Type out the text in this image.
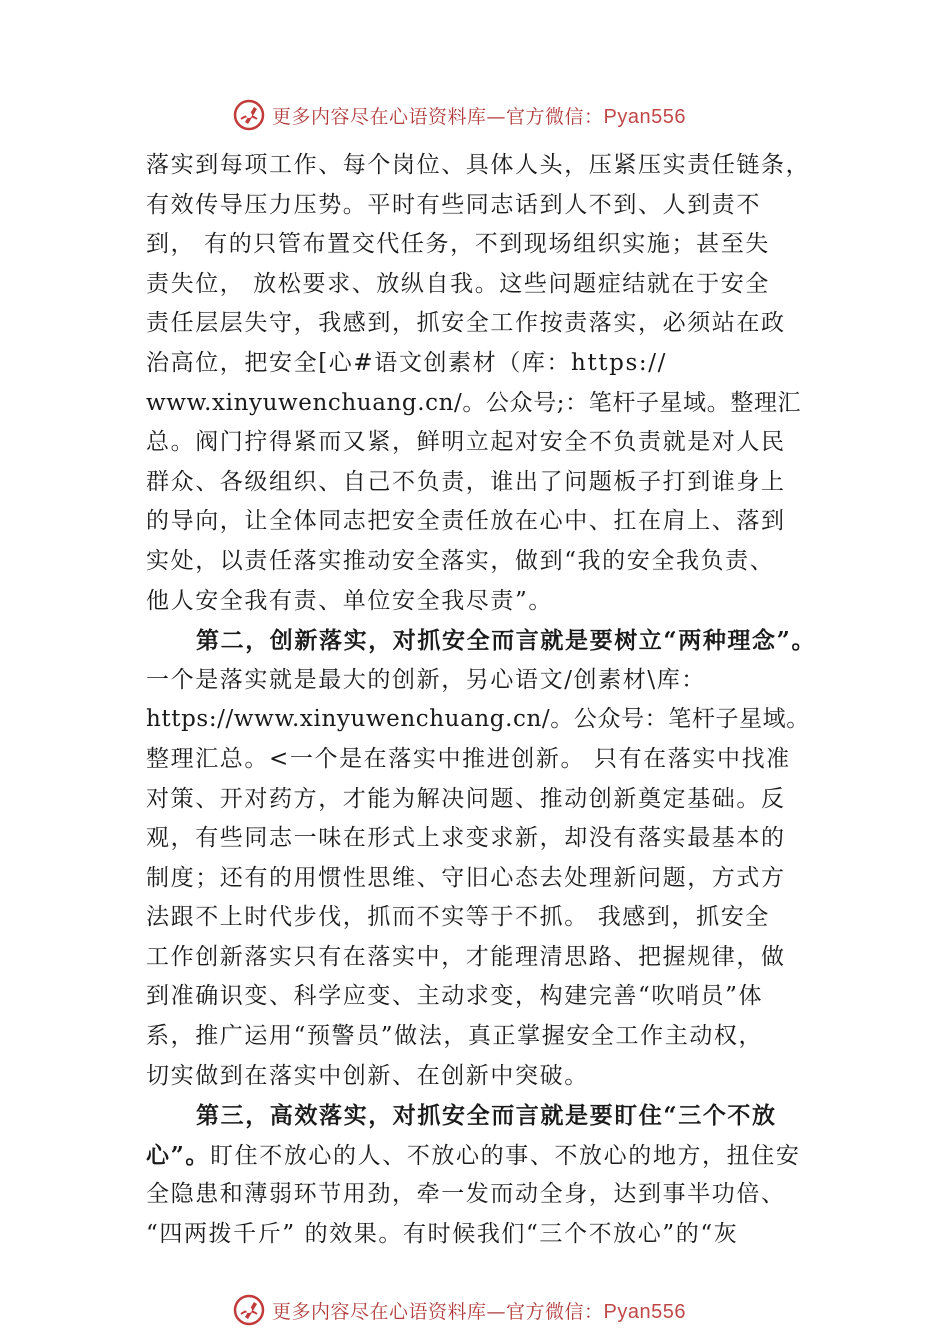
更多内容尽在心语资料库—官方微信：Pyan556
落实到每项工作、每个岗位、具体人头，压紧压实责任链条，
有效传导压力压势。平时有些同志话到人不到、人到责不
到， 有的只管布置交代任务，不到现场组织实施；甚至失
责失位， 放松要求、放纵自我。这些问题症结就在于安全
责任层层失守，我感到，抓安全工作按责落实，必须站在政
治高位，把安全[心#语文创素材（库：https://
www.xinyuwenchuang.cn/。公众号;：笔杆子星域。整理汇
总。阀门拧得紧而又紧，鲜明立起对安全不负责就是对人民
群众、各级组织、自己不负责，谁出了问题板子打到谁身上
的导向，让全体同志把安全责任放在心中、扛在肩上、落到
实处，以责任落实推动安全落实，做到“我的安全我负责、
他人安全我有责、单位安全我尽责”。
第二，创新落实，对抓安全而言就是要树立“两种理念”。
一个是落实就是最大的创新，另心语文/创素材\库：
https://www.xinyuwenchuang.cn/。公众号：笔杆子星域。
整理汇总。<一个是在落实中推进创新。 只有在落实中找准
对策、开对药方，才能为解决问题、推动创新奠定基础。反
观，有些同志一味在形式上求变求新，却没有落实最基本的
制度；还有的用惯性思维、守旧心态去处理新问题，方式方
法跟不上时代步伐，抓而不实等于不抓。 我感到，抓安全
工作创新落实只有在落实中，才能理清思路、把握规律，做
到准确识变、科学应变、主动求变，构建完善“吹哨员”体
系，推广运用“预警员”做法，真正掌握安全工作主动权，
切实做到在落实中创新、在创新中突破。
第三，高效落实，对抓安全而言就是要盯住“三个不放
心”。盯住不放心的人、不放心的事、不放心的地方，扭住安
全隐患和薄弱环节用劲，牵一发而动全身，达到事半功倍、
“四两拨千斤” 的效果。有时候我们“三个不放心”的“灰
更多内容尽在心语资料库—官方微信：Pyan556
